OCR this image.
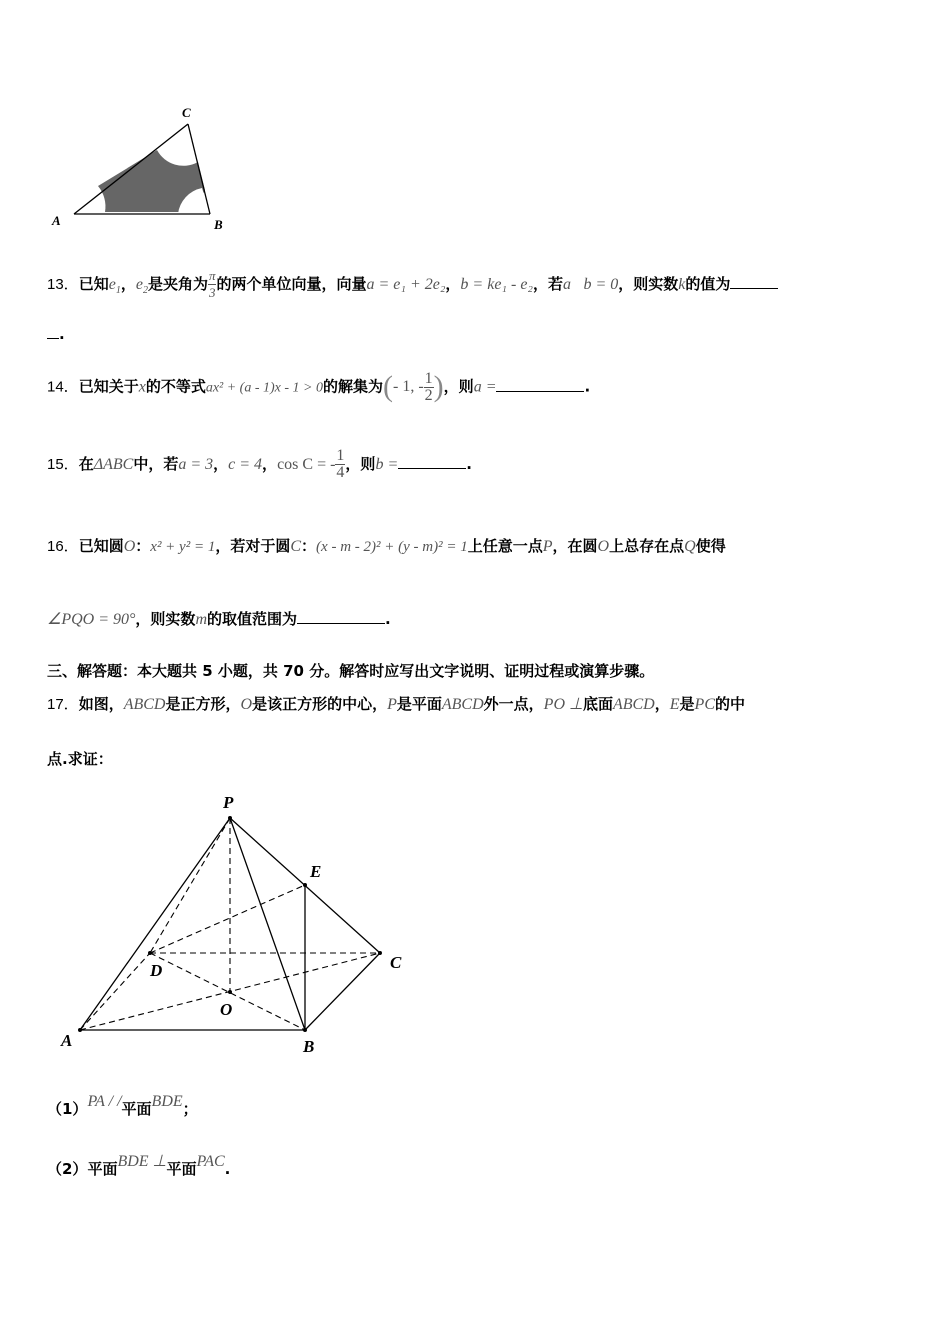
A	B
C
13．已知$e_1$，$e_2$是夹角为 $\frac{\pi}{3}$ 的两个单位向量，向量a = e₁ + 2e₂，b = ke₁ - e₂，若a⃞b = 0，则实数k的值为
.
14．已知关于x的不等式ax² + (a - 1)x - 1 > 0的解集为 ( - 1, - $\frac{1}{2}$ ) ，则a =	.
15．在ΔABC中，若a = 3，c = 4， cos C = - $\frac{1}{4}$ ，则b =	.
16．已知圆O：x² + y² = 1，若对于圆C：(x - m - 2)² + (y - m)² = 1上任意一点P，在圆O上总存在点Q使得
∠PQO = 90°，则实数m的取值范围为	.
三、解答题：本大题共 5 小题，共 70 分。解答时应写出文字说明、证明过程或演算步骤。
17．如图，ABCD是正方形，O是该正方形的中心，P是平面ABCD外一点，PO ⊥底面ABCD，E是PC的中
点.求证：
P
E
C
D
O
A	B
（1）PA / /平面BDE；
（2）平面BDE ⊥平面PAC.
